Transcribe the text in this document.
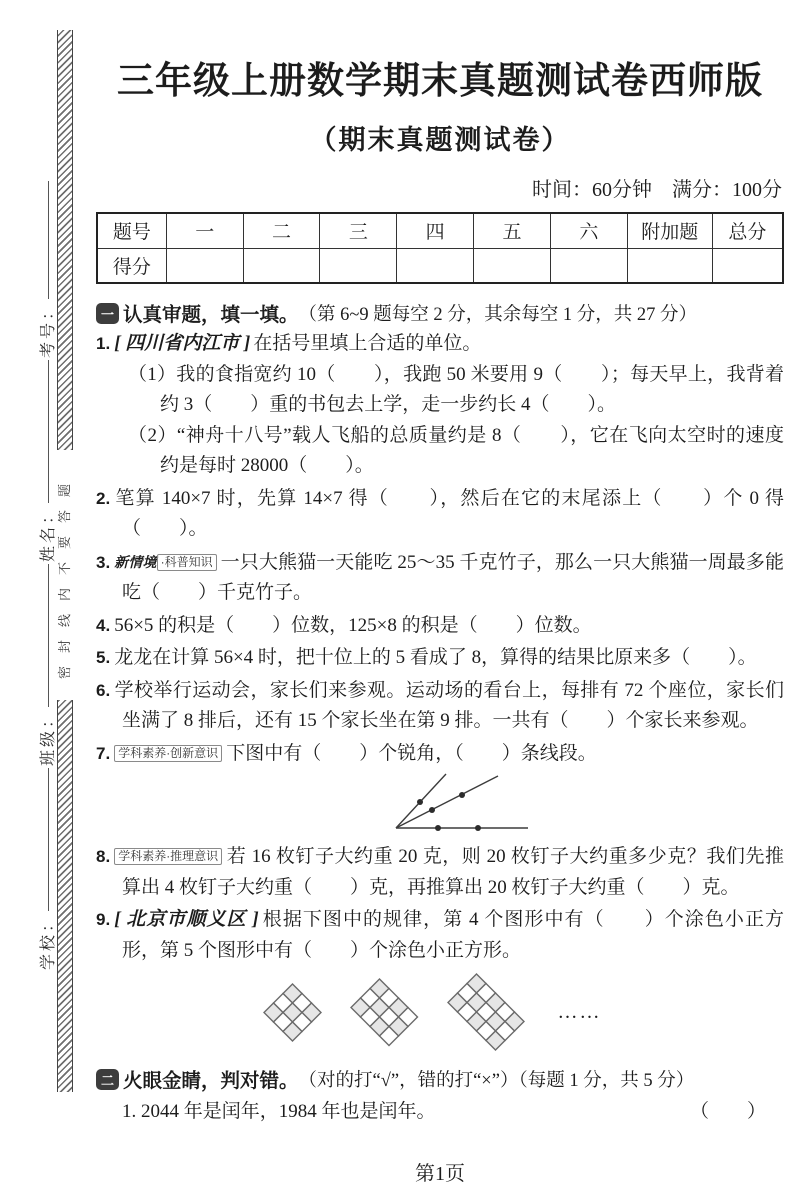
密封线内不要答题
学校：
班级：
姓名：
考号：
三年级上册数学期末真题测试卷西师版
（期末真题测试卷）
时间：60分钟　满分：100分
题号	一	二	三	四	五	六	附加题	总分
得分								
一 认真审题，填一填。 （第 6~9 题每空 2 分，其余每空 1 分，共 27 分）
1. [ 四川省内江市 ] 在括号里填上合适的单位。
（1）我的食指宽约 10（　　），我跑 50 米要用 9（　　）；每天早上，我背着约 3（　　）重的书包去上学，走一步约长 4（　　）。
（2）“神舟十八号”载人飞船的总质量约是 8（　　），它在飞向太空时的速度约是每时 28000（　　）。
2. 笔算 140×7 时，先算 14×7 得（　　），然后在它的末尾添上（　　）个 0 得（　　）。
3. 新情境 ·科普知识 一只大熊猫一天能吃 25～35 千克竹子，那么一只大熊猫一周最多能吃（　　）千克竹子。
4. 56×5 的积是（　　）位数，125×8 的积是（　　）位数。
5. 龙龙在计算 56×4 时，把十位上的 5 看成了 8，算得的结果比原来多（　　）。
6. 学校举行运动会，家长们来参观。运动场的看台上，每排有 72 个座位，家长们坐满了 8 排后，还有 15 个家长坐在第 9 排。一共有（　　）个家长来参观。
7. 学科素养·创新意识 下图中有（　　）个锐角，（　　）条线段。
8. 学科素养·推理意识 若 16 枚钉子大约重 20 克，则 20 枚钉子大约重多少克？我们先推算出 4 枚钉子大约重（　　）克，再推算出 20 枚钉子大约重（　　）克。
9. [ 北京市顺义区 ] 根据下图中的规律，第 4 个图形中有（　　）个涂色小正方形，第 5 个图形中有（　　）个涂色小正方形。
……
二 火眼金睛，判对错。 （对的打“√”，错的打“×”）（每题 1 分，共 5 分）
1. 2044 年是闰年，1984 年也是闰年。	（　　）
第1页
